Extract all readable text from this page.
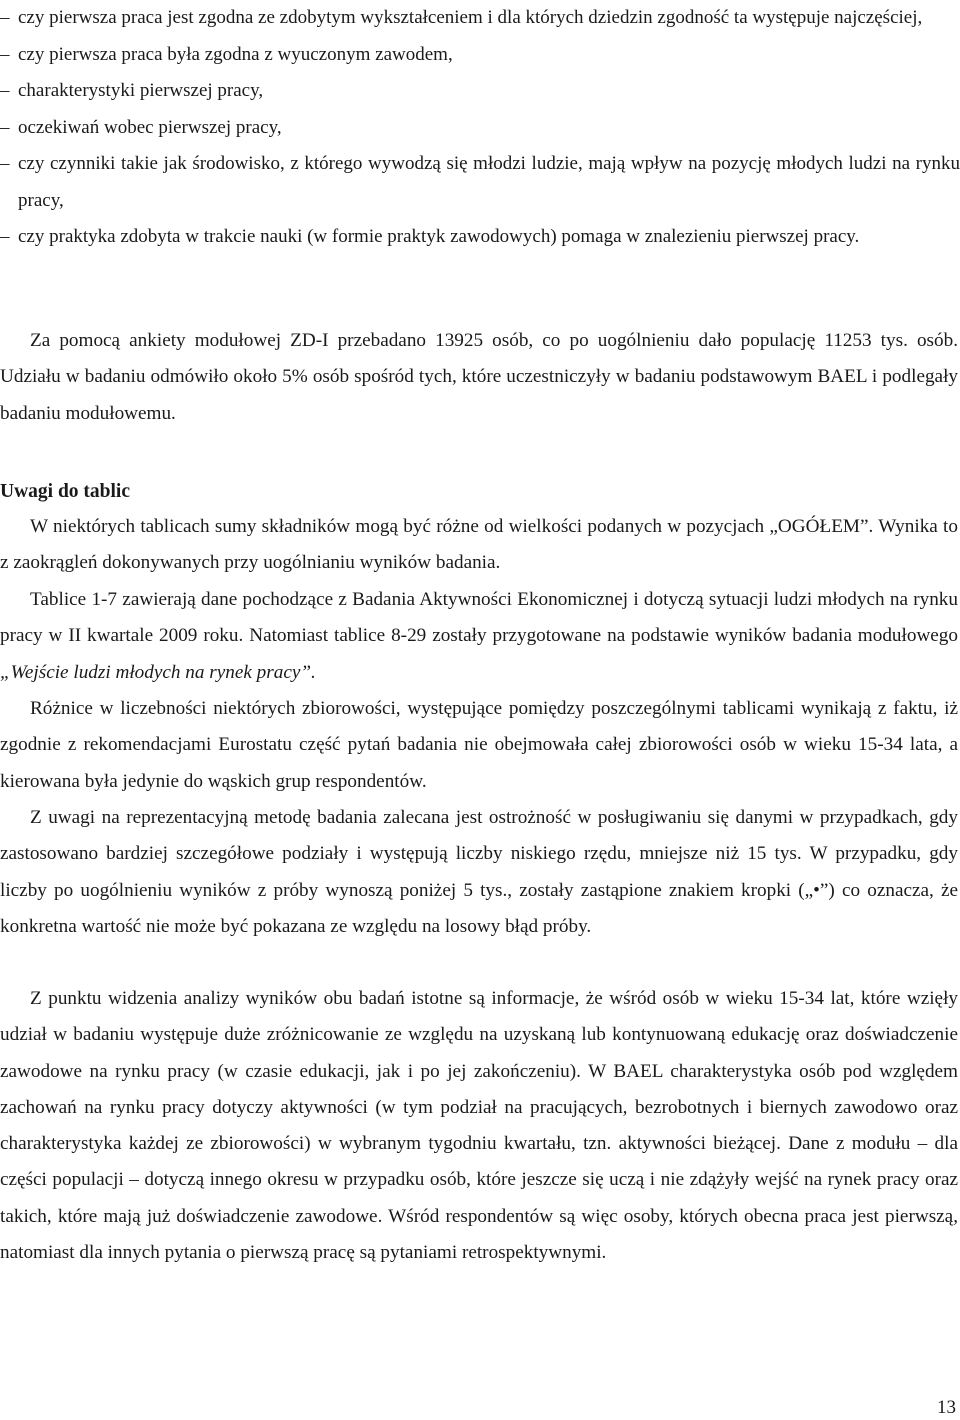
– czy pierwsza praca jest zgodna ze zdobytym wykształceniem i dla których dziedzin zgodność ta występuje najczęściej,
– czy pierwsza praca była zgodna z wyuczonym zawodem,
– charakterystyki pierwszej pracy,
– oczekiwań wobec pierwszej pracy,
– czy czynniki takie jak środowisko, z którego wywodzą się młodzi ludzie, mają wpływ na pozycję młodych ludzi na rynku pracy,
– czy praktyka zdobyta w trakcie nauki (w formie praktyk zawodowych) pomaga w znalezieniu pierwszej pracy.

Za pomocą ankiety modułowej ZD-I przebadano 13925 osób, co po uogólnieniu dało populację 11253 tys. osób. Udziału w badaniu odmówiło około 5% osób spośród tych, które uczestniczyły w badaniu podstawowym BAEL i podlegały badaniu modułowemu.

Uwagi do tablic

W niektórych tablicach sumy składników mogą być różne od wielkości podanych w pozycjach „OGÓŁEM”. Wynika to z zaokrągleń dokonywanych przy uogólnianiu wyników badania.

Tablice 1-7 zawierają dane pochodzące z Badania Aktywności Ekonomicznej i dotyczą sytuacji ludzi młodych na rynku pracy w II kwartale 2009 roku. Natomiast tablice 8-29 zostały przygotowane na podstawie wyników badania modułowego „Wejście ludzi młodych na rynek pracy”.

Różnice w liczebności niektórych zbiorowości, występujące pomiędzy poszczególnymi tablicami wynikają z faktu, iż zgodnie z rekomendacjami Eurostatu część pytań badania nie obejmowała całej zbiorowości osób w wieku 15-34 lata, a kierowana była jedynie do wąskich grup respondentów.

Z uwagi na reprezentacyjną metodę badania zalecana jest ostrożność w posługiwaniu się danymi w przypadkach, gdy zastosowano bardziej szczegółowe podziały i występują liczby niskiego rzędu, mniejsze niż 15 tys. W przypadku, gdy liczby po uogólnieniu wyników z próby wynoszą poniżej 5 tys., zostały zastąpione znakiem kropki („•”) co oznacza, że konkretna wartość nie może być pokazana ze względu na losowy błąd próby.

Z punktu widzenia analizy wyników obu badań istotne są informacje, że wśród osób w wieku 15-34 lat, które wzięły udział w badaniu występuje duże zróżnicowanie ze względu na uzyskaną lub kontynuowaną edukację oraz doświadczenie zawodowe na rynku pracy (w czasie edukacji, jak i po jej zakończeniu). W BAEL charakterystyka osób pod względem zachowań na rynku pracy dotyczy aktywności (w tym podział na pracujących, bezrobotnych i biernych zawodowo oraz charakterystyka każdej ze zbiorowości) w wybranym tygodniu kwartału, tzn. aktywności bieżącej. Dane z modułu – dla części populacji – dotyczą innego okresu w przypadku osób, które jeszcze się uczą i nie zdążyły wejść na rynek pracy oraz takich, które mają już doświadczenie zawodowe. Wśród respondentów są więc osoby, których obecna praca jest pierwszą, natomiast dla innych pytania o pierwszą pracę są pytaniami retrospektywnymi.

13
